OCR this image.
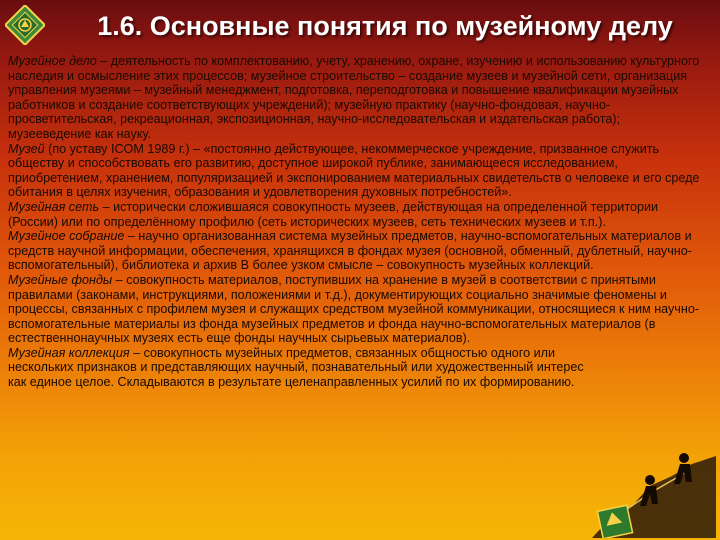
1.6. Основные понятия по музейному делу

Музейное дело – деятельность по комплектованию, учету, хранению, охране, изучению и использованию культурного наследия и осмысление этих процессов; музейное строительство – создание музеев и музейной сети, организация управления музеями – музейный менеджмент, подготовка, переподготовка и повышение квалификации музейных работников и создание соответствующих учреждений); музейную практику (научно-фондовая, научно-просветительская, рекреационная, экспозиционная, научно-исследовательская и издательская работа); музееведение как науку.

Музей (по уставу ICOM 1989 г.) – «постоянно действующее, некоммерческое учреждение, призванное служить обществу и способствовать его развитию, доступное широкой публике, занимающееся исследованием, приобретением, хранением, популяризацией и экспонированием материальных свидетельств о человеке и его среде обитания в целях изучения, образования и удовлетворения духовных потребностей».

Музейная сеть – исторически сложившаяся совокупность музеев, действующая на определенной территории (России) или по определённому профилю (сеть исторических музеев, сеть технических музеев и т.п.).

Музейное собрание – научно организованная система музейных предметов, научно-вспомогательных материалов и средств научной информации, обеспечения, хранящихся в фондах музея (основной, обменный, дублетный, научно-вспомогательный), библиотека и архив В более узком смысле – совокупность музейных коллекций.

Музейные фонды – совокупность материалов, поступивших на хранение в музей в соответствии с принятыми правилами (законами, инструкциями, положениями и т.д.), документирующих социально значимые феномены и процессы, связанных с профилем музея и служащих средством музейной коммуникации, относящиеся к ним научно-вспомогательные материалы из фонда музейных предметов и фонда научно-вспомогательных материалов (в естественнонаучных музеях есть еще фонды научных сырьевых материалов).

Музейная коллекция – совокупность музейных предметов, связанных общностью одного или нескольких признаков и представляющих научный, познавательный или художественный интерес как единое целое. Складываются в результате целенаправленных усилий по их формированию.
